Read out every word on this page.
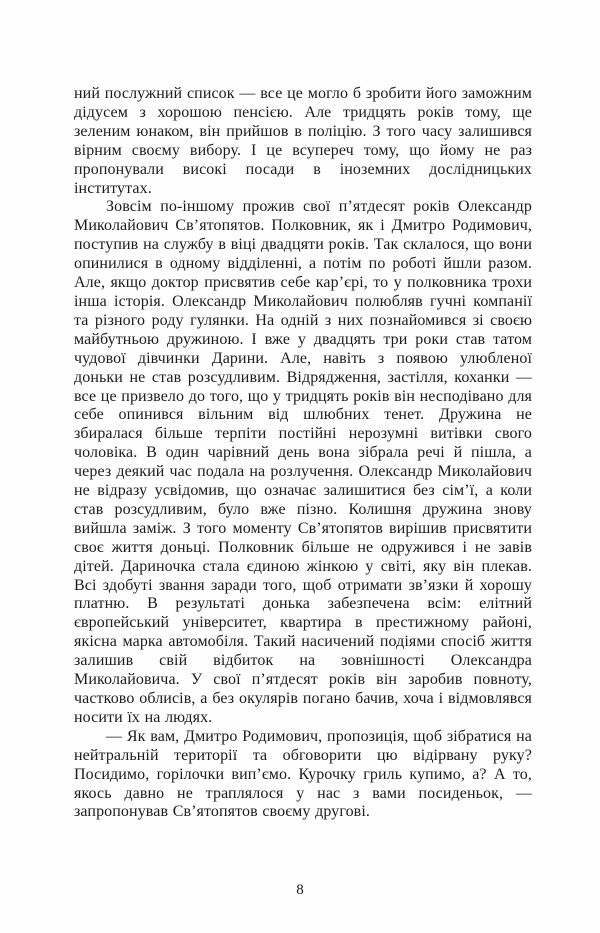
ний послужний список — все це могло б зробити його заможним дідусем з хорошою пенсією. Але тридцять років тому, ще зеленим юнаком, він прийшов в поліцію. З того часу залишився вірним своєму вибору. І це всупереч тому, що йому не раз пропонували високі посади в іноземних дослідницьких інститутах.

Зовсім по-іншому прожив свої п’ятдесят років Олександр Миколайович Св’ятопятов. Полковник, як і Дмитро Родимович, поступив на службу в віці двадцяти років. Так склалося, що вони опинилися в одному відділенні, а потім по роботі йшли разом. Але, якщо доктор присвятив себе кар’єрі, то у полковника трохи інша історія. Олександр Миколайович полюбляв гучні компанії та різного роду гулянки. На одній з них познайомився зі своєю майбутньою дружиною. І вже у двадцять три роки став татом чудової дівчинки Дарини. Але, навіть з появою улюбленої доньки не став розсудливим. Відрядження, застілля, коханки — все це призвело до того, що у тридцять років він несподівано для себе опинився вільним від шлюбних тенет. Дружина не збиралася більше терпіти постійні нерозумні витівки свого чоловіка. В один чарівний день вона зібрала речі й пішла, а через деякий час подала на розлучення. Олександр Миколайович не відразу усвідомив, що означає залишитися без сім’ї, а коли став розсудливим, було вже пізно. Колишня дружина знову вийшла заміж. З того моменту Св’ятопятов вирішив присвятити своє життя доньці. Полковник більше не одружився і не завів дітей. Дариночка стала єдиною жінкою у світі, яку він плекав. Всі здобуті звання заради того, щоб отримати зв’язки й хорошу платню. В результаті донька забезпечена всім: елітний європейський університет, квартира в престижному районі, якісна марка автомобіля. Такий насичений подіями спосіб життя залишив свій відбиток на зовнішності Олександра Миколайовича. У свої п’ятдесят років він заробив повноту, частково облисів, а без окулярів погано бачив, хоча і відмовлявся носити їх на людях.

— Як вам, Дмитро Родимович, пропозиція, щоб зібратися на нейтральній території та обговорити цю відірвану руку? Посидимо, горілочки вип’ємо. Курочку гриль купимо, а? А то, якось давно не траплялося у нас з вами посиденьок, — запропонував Св’ятопятов своєму другові.

8
